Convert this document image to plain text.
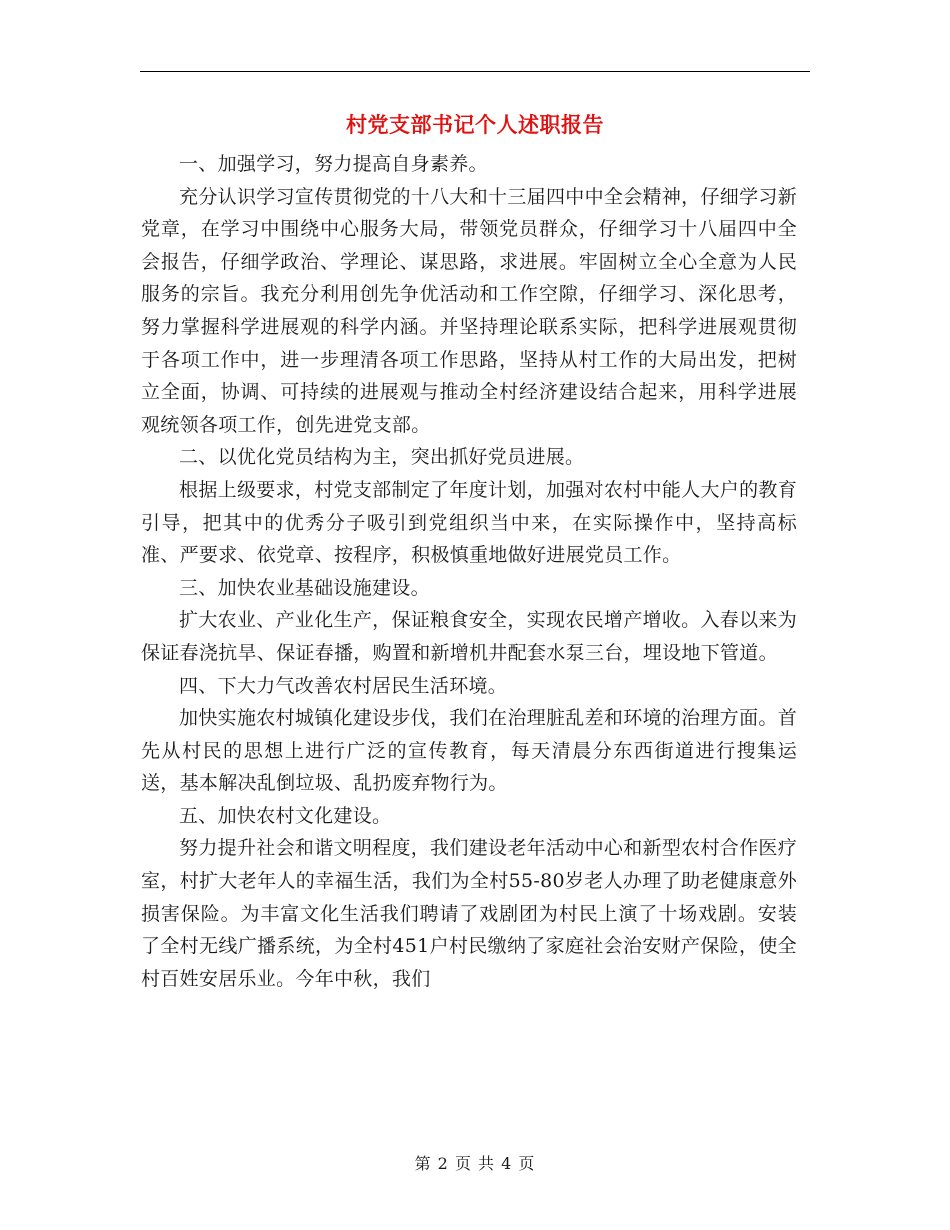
村党支部书记个人述职报告

一、加强学习，努力提高自身素养。

充分认识学习宣传贯彻党的十八大和十三届四中中全会精神，仔细学习新党章，在学习中围绕中心服务大局，带领党员群众，仔细学习十八届四中全会报告，仔细学政治、学理论、谋思路，求进展。牢固树立全心全意为人民服务的宗旨。我充分利用创先争优活动和工作空隙，仔细学习、深化思考，努力掌握科学进展观的科学内涵。并坚持理论联系实际，把科学进展观贯彻于各项工作中，进一步理清各项工作思路，坚持从村工作的大局出发，把树立全面，协调、可持续的进展观与推动全村经济建设结合起来，用科学进展观统领各项工作，创先进党支部。

二、以优化党员结构为主，突出抓好党员进展。

根据上级要求，村党支部制定了年度计划，加强对农村中能人大户的教育引导，把其中的优秀分子吸引到党组织当中来，在实际操作中，坚持高标准、严要求、依党章、按程序，积极慎重地做好进展党员工作。

三、加快农业基础设施建设。

扩大农业、产业化生产，保证粮食安全，实现农民增产增收。入春以来为保证春浇抗旱、保证春播，购置和新增机井配套水泵三台，埋设地下管道。

四、下大力气改善农村居民生活环境。

加快实施农村城镇化建设步伐，我们在治理脏乱差和环境的治理方面。首先从村民的思想上进行广泛的宣传教育，每天清晨分东西街道进行搜集运送，基本解决乱倒垃圾、乱扔废弃物行为。

五、加快农村文化建设。

努力提升社会和谐文明程度，我们建设老年活动中心和新型农村合作医疗室，村扩大老年人的幸福生活，我们为全村55-80岁老人办理了助老健康意外损害保险。为丰富文化生活我们聘请了戏剧团为村民上演了十场戏剧。安装了全村无线广播系统，为全村451户村民缴纳了家庭社会治安财产保险，使全村百姓安居乐业。今年中秋，我们

第 2 页 共 4 页
